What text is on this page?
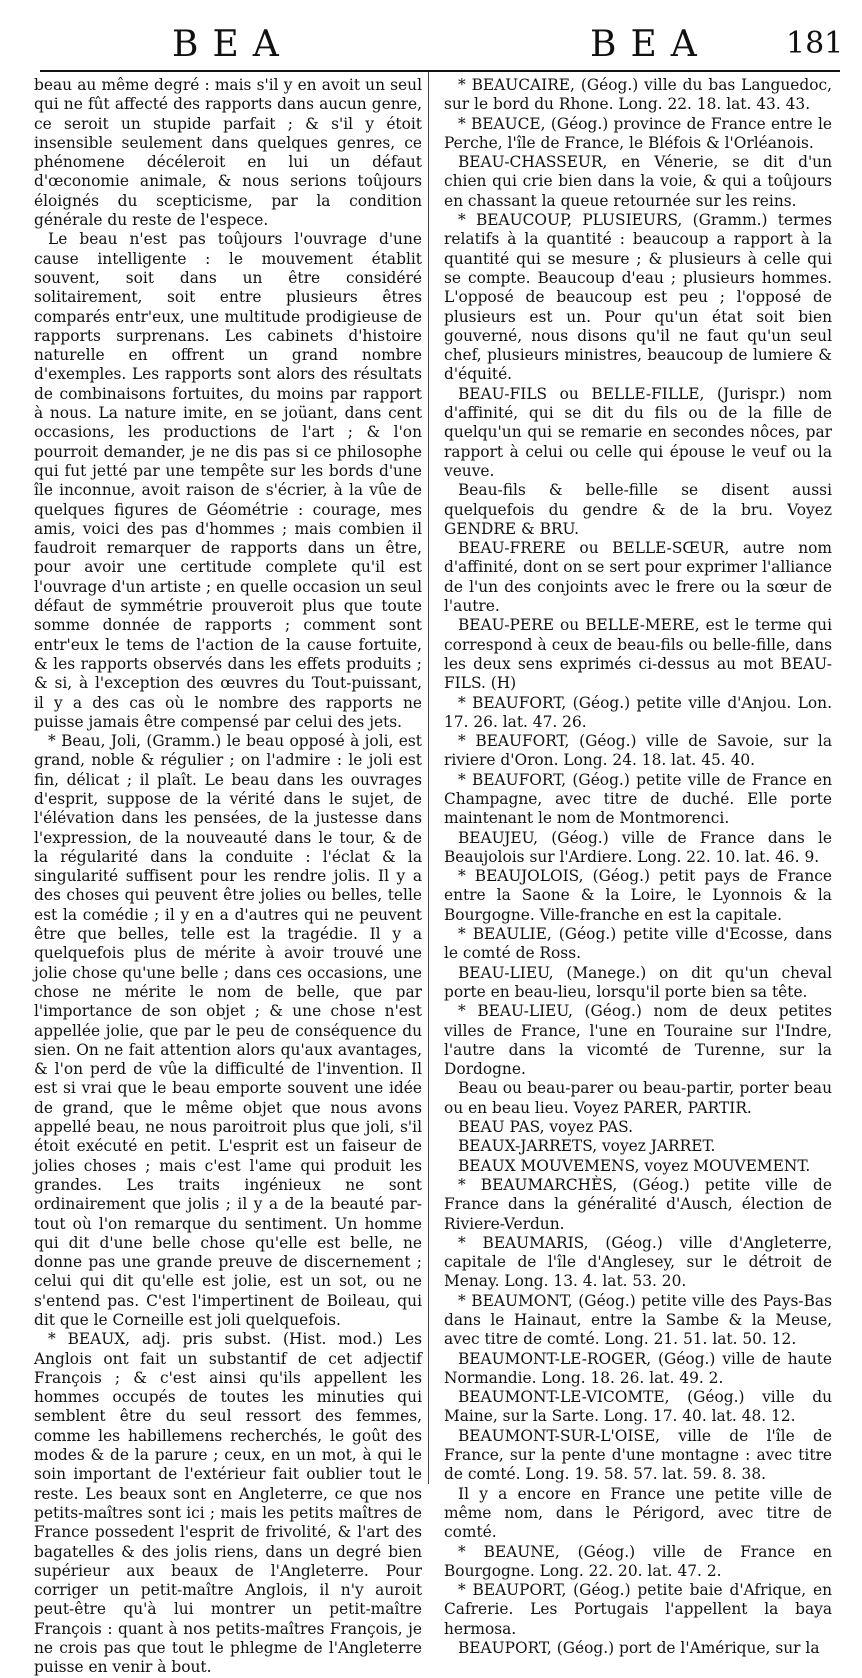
BEA	BEA	181

beau au même degré : mais s'il y en avoit un seul qui ne fût affecté des rapports dans aucun genre, ce seroit un stupide parfait ; & s'il y étoit insensible seulement dans quelques genres, ce phénomene décéleroit en lui un défaut d'œconomie animale, & nous serions toûjours éloignés du scepticisme, par la condition générale du reste de l'espece.

Le beau n'est pas toûjours l'ouvrage d'une cause intelligente : le mouvement établit souvent, soit dans un être considéré solitairement, soit entre plusieurs êtres comparés entr'eux, une multitude prodigieuse de rapports surprenans. Les cabinets d'histoire naturelle en offrent un grand nombre d'exemples. Les rapports sont alors des résultats de combinaisons fortuites, du moins par rapport à nous. La nature imite, en se joüant, dans cent occasions, les productions de l'art ; & l'on pourroit demander, je ne dis pas si ce philosophe qui fut jetté par une tempête sur les bords d'une île inconnue, avoit raison de s'écrier, à la vûe de quelques figures de Géométrie : courage, mes amis, voici des pas d'hommes ; mais combien il faudroit remarquer de rapports dans un être, pour avoir une certitude complete qu'il est l'ouvrage d'un artiste ; en quelle occasion un seul défaut de symmétrie prouveroit plus que toute somme donnée de rapports ; comment sont entr'eux le tems de l'action de la cause fortuite, & les rapports observés dans les effets produits ; & si, à l'exception des œuvres du Tout-puissant, il y a des cas où le nombre des rapports ne puisse jamais être compensé par celui des jets.

* Beau, Joli, (Gramm.) le beau opposé à joli, est grand, noble & régulier ; on l'admire : le joli est fin, délicat ; il plaît. Le beau dans les ouvrages d'esprit, suppose de la vérité dans le sujet, de l'élévation dans les pensées, de la justesse dans l'expression, de la nouveauté dans le tour, & de la régularité dans la conduite : l'éclat & la singularité suffisent pour les rendre jolis. Il y a des choses qui peuvent être jolies ou belles, telle est la comédie ; il y en a d'autres qui ne peuvent être que belles, telle est la tragédie. Il y a quelquefois plus de mérite à avoir trouvé une jolie chose qu'une belle ; dans ces occasions, une chose ne mérite le nom de belle, que par l'importance de son objet ; & une chose n'est appellée jolie, que par le peu de conséquence du sien. On ne fait attention alors qu'aux avantages, & l'on perd de vûe la difficulté de l'invention. Il est si vrai que le beau emporte souvent une idée de grand, que le même objet que nous avons appellé beau, ne nous paroitroit plus que joli, s'il étoit exécuté en petit. L'esprit est un faiseur de jolies choses ; mais c'est l'ame qui produit les grandes. Les traits ingénieux ne sont ordinairement que jolis ; il y a de la beauté par-tout où l'on remarque du sentiment. Un homme qui dit d'une belle chose qu'elle est belle, ne donne pas une grande preuve de discernement ; celui qui dit qu'elle est jolie, est un sot, ou ne s'entend pas. C'est l'impertinent de Boileau, qui dit que le Corneille est joli quelquefois.

* BEAUX, adj. pris subst. (Hist. mod.) Les Anglois ont fait un substantif de cet adjectif François ; & c'est ainsi qu'ils appellent les hommes occupés de toutes les minuties qui semblent être du seul ressort des femmes, comme les habillemens recherchés, le goût des modes & de la parure ; ceux, en un mot, à qui le soin important de l'extérieur fait oublier tout le reste. Les beaux sont en Angleterre, ce que nos petits-maîtres sont ici ; mais les petits maîtres de France possedent l'esprit de frivolité, & l'art des bagatelles & des jolis riens, dans un degré bien supérieur aux beaux de l'Angleterre. Pour corriger un petit-maître Anglois, il n'y auroit peut-être qu'à lui montrer un petit-maître François : quant à nos petits-maîtres François, je ne crois pas que tout le phlegme de l'Angleterre puisse en venir à bout.

* BEAUCAIRE, (Géog.) ville du bas Languedoc, sur le bord du Rhone. Long. 22. 18. lat. 43. 43.

* BEAUCE, (Géog.) province de France entre le Perche, l'île de France, le Bléfois & l'Orléanois.

BEAU-CHASSEUR, en Vénerie, se dit d'un chien qui crie bien dans la voie, & qui a toûjours en chassant la queue retournée sur les reins.

* BEAUCOUP, PLUSIEURS, (Gramm.) termes relatifs à la quantité : beaucoup a rapport à la quantité qui se mesure ; & plusieurs à celle qui se compte. Beaucoup d'eau ; plusieurs hommes. L'opposé de beaucoup est peu ; l'opposé de plusieurs est un. Pour qu'un état soit bien gouverné, nous disons qu'il ne faut qu'un seul chef, plusieurs ministres, beaucoup de lumiere & d'équité.

BEAU-FILS ou BELLE-FILLE, (Jurispr.) nom d'affinité, qui se dit du fils ou de la fille de quelqu'un qui se remarie en secondes nôces, par rapport à celui ou celle qui épouse le veuf ou la veuve.

Beau-fils & belle-fille se disent aussi quelquefois du gendre & de la bru. Voyez GENDRE & BRU.

BEAU-FRERE ou BELLE-SŒUR, autre nom d'affinité, dont on se sert pour exprimer l'alliance de l'un des conjoints avec le frere ou la sœur de l'autre.

BEAU-PERE ou BELLE-MERE, est le terme qui correspond à ceux de beau-fils ou belle-fille, dans les deux sens exprimés ci-dessus au mot BEAU-FILS. (H)

* BEAUFORT, (Géog.) petite ville d'Anjou. Lon. 17. 26. lat. 47. 26.

* BEAUFORT, (Géog.) ville de Savoie, sur la riviere d'Oron. Long. 24. 18. lat. 45. 40.

* BEAUFORT, (Géog.) petite ville de France en Champagne, avec titre de duché. Elle porte maintenant le nom de Montmorenci.

BEAUJEU, (Géog.) ville de France dans le Beaujolois sur l'Ardiere. Long. 22. 10. lat. 46. 9.

* BEAUJOLOIS, (Géog.) petit pays de France entre la Saone & la Loire, le Lyonnois & la Bourgogne. Ville-franche en est la capitale.

* BEAULIE, (Géog.) petite ville d'Ecosse, dans le comté de Ross.

BEAU-LIEU, (Manege.) on dit qu'un cheval porte en beau-lieu, lorsqu'il porte bien sa tête.

* BEAU-LIEU, (Géog.) nom de deux petites villes de France, l'une en Touraine sur l'Indre, l'autre dans la vicomté de Turenne, sur la Dordogne.

Beau ou beau-parer ou beau-partir, porter beau ou en beau lieu. Voyez PARER, PARTIR.

BEAU PAS, voyez PAS.

BEAUX-JARRETS, voyez JARRET.

BEAUX MOUVEMENS, voyez MOUVEMENT.

* BEAUMARCHÈS, (Géog.) petite ville de France dans la généralité d'Ausch, élection de Riviere-Verdun.

* BEAUMARIS, (Géog.) ville d'Angleterre, capitale de l'île d'Anglesey, sur le détroit de Menay. Long. 13. 4. lat. 53. 20.

* BEAUMONT, (Géog.) petite ville des Pays-Bas dans le Hainaut, entre la Sambe & la Meuse, avec titre de comté. Long. 21. 51. lat. 50. 12.

BEAUMONT-LE-ROGER, (Géog.) ville de haute Normandie. Long. 18. 26. lat. 49. 2.

BEAUMONT-LE-VICOMTE, (Géog.) ville du Maine, sur la Sarte. Long. 17. 40. lat. 48. 12.

BEAUMONT-SUR-L'OISE, ville de l'île de France, sur la pente d'une montagne : avec titre de comté. Long. 19. 58. 57. lat. 59. 8. 38.

Il y a encore en France une petite ville de même nom, dans le Périgord, avec titre de comté.

* BEAUNE, (Géog.) ville de France en Bourgogne. Long. 22. 20. lat. 47. 2.

* BEAUPORT, (Géog.) petite baie d'Afrique, en Cafrerie. Les Portugais l'appellent la baya hermosa.

BEAUPORT, (Géog.) port de l'Amérique, sur la
